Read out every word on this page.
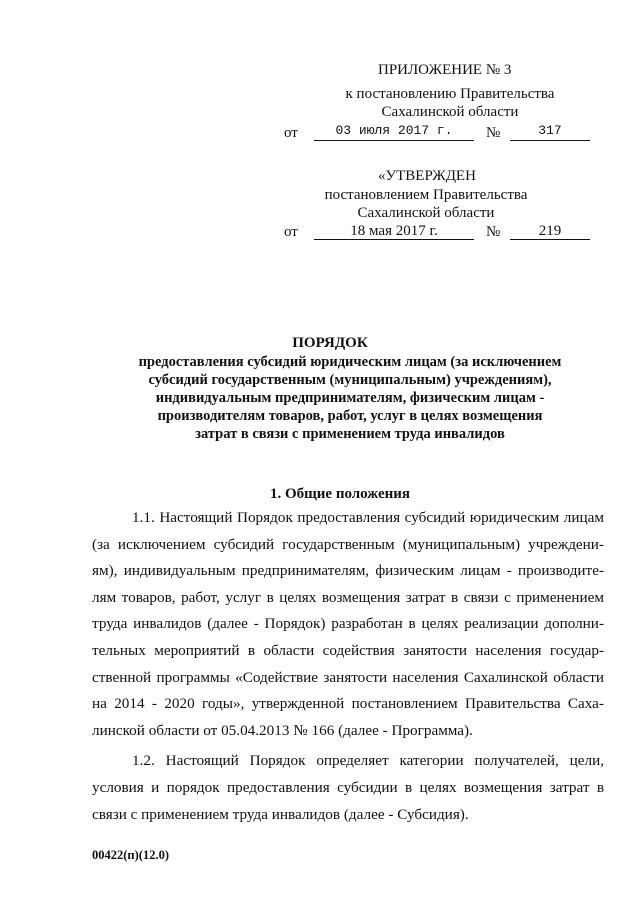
ПРИЛОЖЕНИЕ № 3
к постановлению Правительства
Сахалинской области
от	03 июля 2017 г.	№	317
«УТВЕРЖДЕН
постановлением Правительства
Сахалинской области
от	18 мая 2017 г.	№	219
ПОРЯДОК
предоставления субсидий юридическим лицам (за исключением
субсидий государственным (муниципальным) учреждениям),
индивидуальным предпринимателям, физическим лицам -
производителям товаров, работ, услуг в целях возмещения
затрат в связи с применением труда инвалидов
1. Общие положения

1.1. Настоящий Порядок предоставления субсидий юридическим лицам (за исключением субсидий государственным (муниципальным) учреждени-ям), индивидуальным предпринимателям, физическим лицам - производите-лям товаров, работ, услуг в целях возмещения затрат в связи с применением труда инвалидов (далее - Порядок) разработан в целях реализации дополни-тельных мероприятий в области содействия занятости населения государ-ственной программы «Содействие занятости населения Сахалинской области на 2014 - 2020 годы», утвержденной постановлением Правительства Саха-линской области от 05.04.2013 № 166 (далее - Программа).

1.2. Настоящий Порядок определяет категории получателей, цели, условия и порядок предоставления субсидии в целях возмещения затрат в связи с применением труда инвалидов (далее - Субсидия).

00422(п)(12.0)
